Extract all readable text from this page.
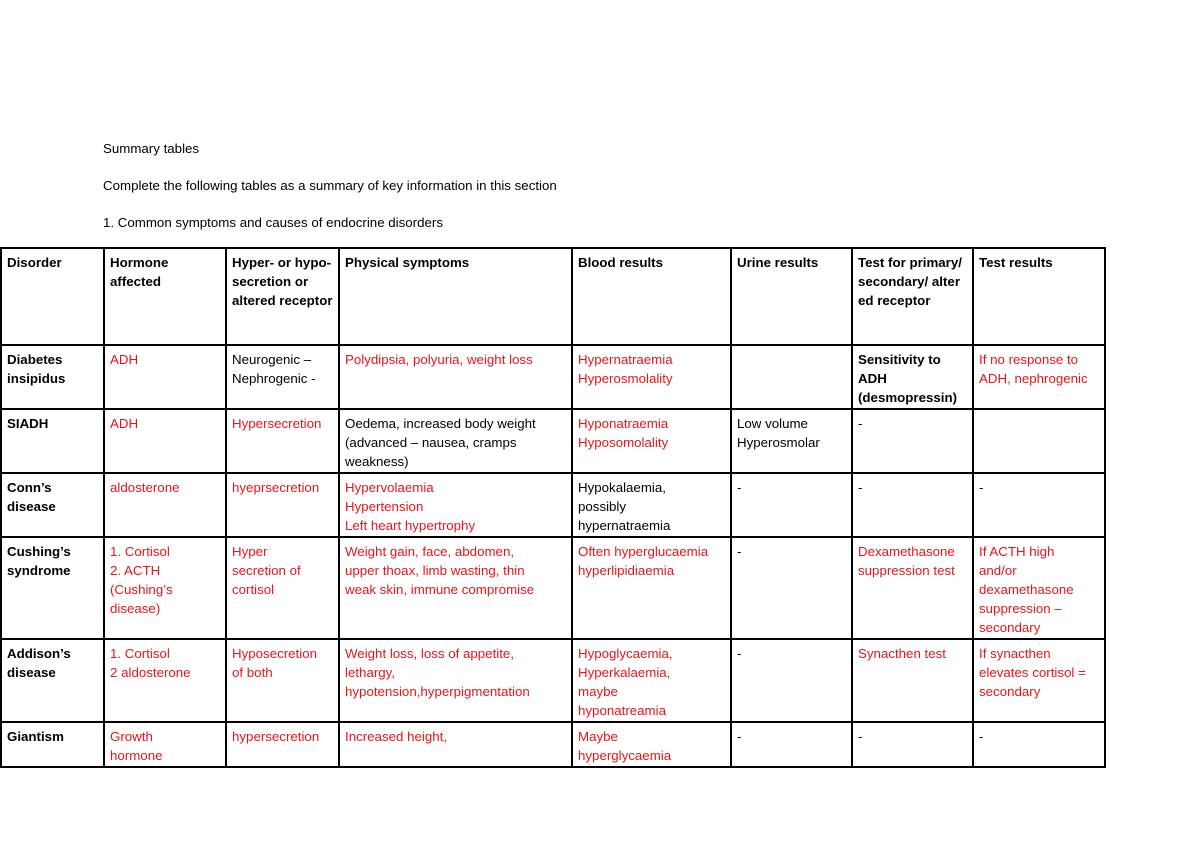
Summary tables
Complete the following tables as a summary of key information in this section
1. Common symptoms and causes of endocrine disorders
Disorder	Hormone affected	Hyper- or hypo-secretion or altered receptor	Physical symptoms	Blood results	Urine results	Test for primary/secondary/ altered receptor	Test results

Diabetes insipidus	ADH	Neurogenic –
Nephrogenic -	Polydipsia, polyuria, weight loss	Hypernatraemia
Hyperosmolality		Sensitivity to
ADH
(desmopressin)	If no response to
ADH, nephrogenic

SIADH	ADH	Hypersecretion	Oedema, increased body weight
(advanced – nausea, cramps
weakness)	Hyponatraemia
Hyposomolality	Low volume
Hyperosmolar	-	

Conn’s disease	aldosterone	hyeprsecretion	Hypervolaemia
Hypertension
Left heart hypertrophy	Hypokalaemia,
possibly
hypernatraemia	-	-	-

Cushing’s syndrome	1. Cortisol
2. ACTH
(Cushing’s
disease)	Hyper
secretion of
cortisol	Weight gain, face, abdomen,
upper thoax, limb wasting, thin
weak skin, immune compromise	Often hyperglucaemia
hyperlipidiaemia	-	Dexamethasone
suppression test	If ACTH high
and/or
dexamethasone
suppression –
secondary

Addison’s disease	1. Cortisol
2 aldosterone	Hyposecretion
of both	Weight loss, loss of appetite,
lethargy,
hypotension,hyperpigmentation	Hypoglycaemia,
Hyperkalaemia,
maybe
hyponatreamia	-	Synacthen test	If synacthen
elevates cortisol =
secondary

Giantism	Growth
hormone	hypersecretion	Increased height,	Maybe
hyperglycaemia	-	-	-
